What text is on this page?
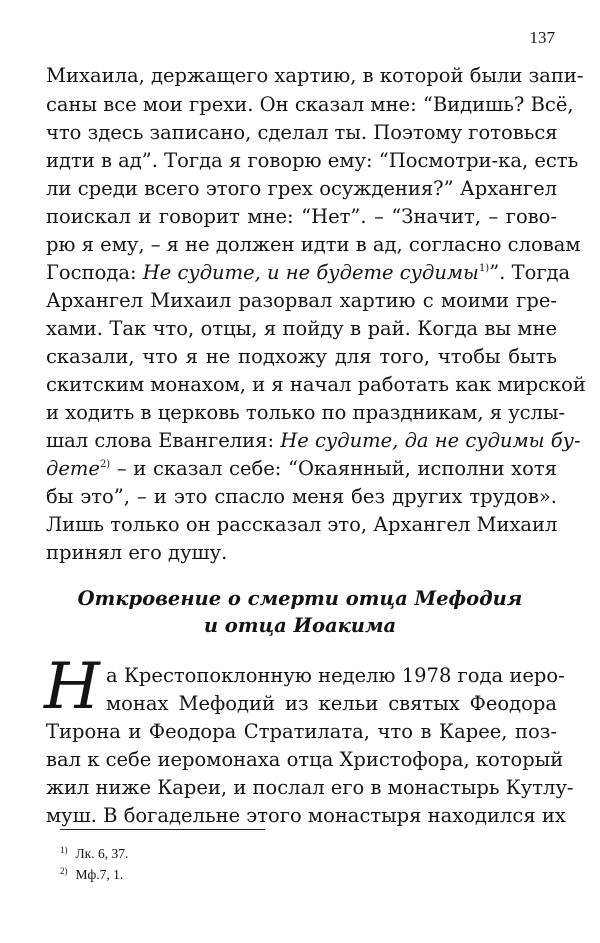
137
Михаила, держащего хартию, в которой были запи-
саны все мои грехи. Он сказал мне: “Видишь? Всё,
что здесь записано, сделал ты. Поэтому готовься
идти в ад”. Тогда я говорю ему: “Посмотри-ка, есть
ли среди всего этого грех осуждения?” Архангел
поискал и говорит мне: “Нет”. – “Значит, – гово-
рю я ему, – я не должен идти в ад, согласно словам
Господа: Не судите, и не будете судимы$^{1)}$”. Тогда
Архангел Михаил разорвал хартию с моими гре-
хами. Так что, отцы, я пойду в рай. Когда вы мне
сказали, что я не подхожу для того, чтобы быть
скитским монахом, и я начал работать как мирской
и ходить в церковь только по праздникам, я услы-
шал слова Евангелия: Не судите, да не судимы бу-
дете$^{2)}$ – и сказал себе: “Окаянный, исполни хотя
бы это”, – и это спасло меня без других трудов».
Лишь только он рассказал это, Архангел Михаил
принял его душу.
Откровение о смерти отца Мефодия
и отца Иоакима
Н а Крестопоклонную неделю 1978 года иеро-
монах Мефодий из кельи святых Феодора
Тирона и Феодора Стратилата, что в Карее, поз-
вал к себе иеромонаха отца Христофора, который
жил ниже Кареи, и послал его в монастырь Кутлу-
муш. В богадельне этого монастыря находился их
$^{1)}$ Лк. 6, 37.
$^{2)}$ Мф.7, 1.
